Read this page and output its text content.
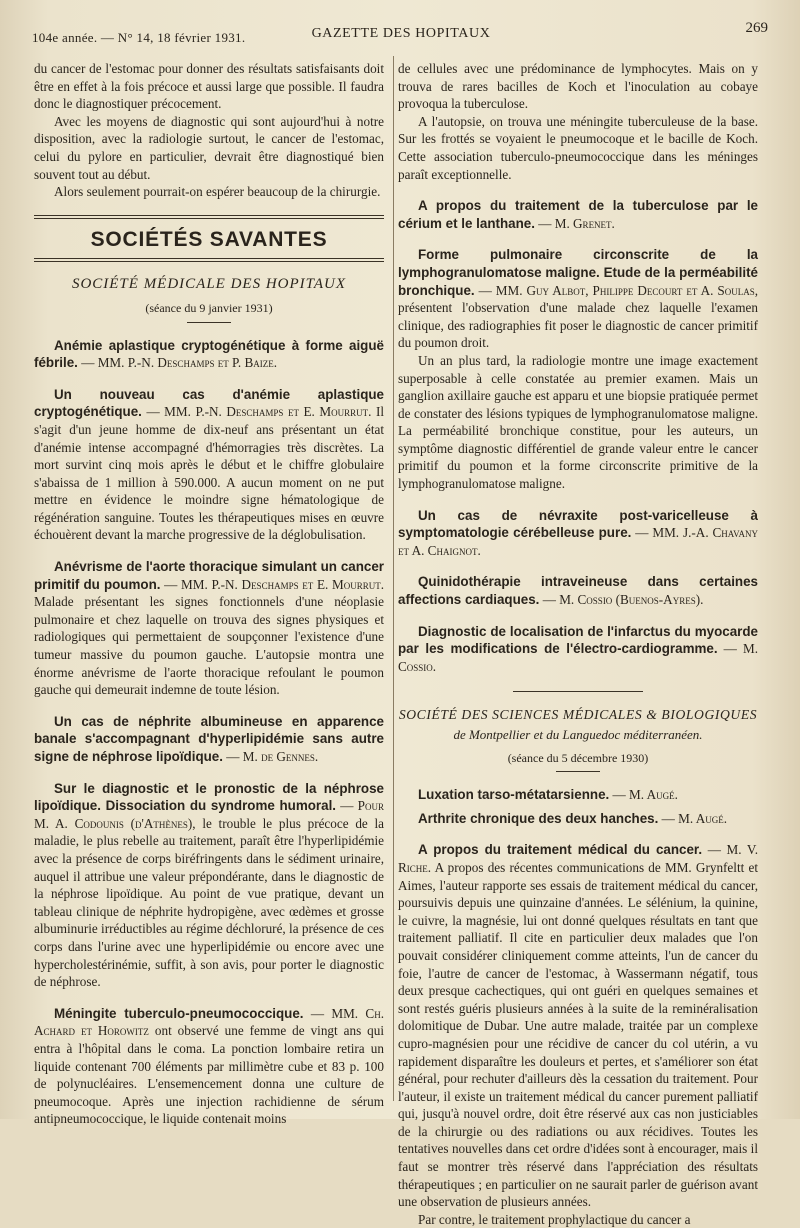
104e année. — N° 14, 18 février 1931.	GAZETTE DES HOPITAUX	269

du cancer de l'estomac pour donner des résultats satisfaisants doit être en effet à la fois précoce et aussi large que possible. Il faudra donc le diagnostiquer précocement.

Avec les moyens de diagnostic qui sont aujourd'hui à notre disposition, avec la radiologie surtout, le cancer de l'estomac, celui du pylore en particulier, devrait être diagnostiqué bien souvent tout au début.

Alors seulement pourrait-on espérer beaucoup de la chirurgie.

SOCIÉTÉS SAVANTES
SOCIÉTÉ MÉDICALE DES HOPITAUX
(séance du 9 janvier 1931)

Anémie aplastique cryptogénétique à forme aiguë fébrile. — MM. P.-N. Deschamps et P. Baize.

Un nouveau cas d'anémie aplastique cryptogénétique. — MM. P.-N. Deschamps et E. Mourrut. Il s'agit d'un jeune homme de dix-neuf ans présentant un état d'anémie intense accompagné d'hémorragies très discrètes. La mort survint cinq mois après le début et le chiffre globulaire s'abaissa de 1 million à 590.000. A aucun moment on ne put mettre en évidence le moindre signe hématologique de régénération sanguine. Toutes les thérapeutiques mises en œuvre échouèrent devant la marche progressive de la déglobulisation.

Anévrisme de l'aorte thoracique simulant un cancer primitif du poumon. — MM. P.-N. Deschamps et E. Mourrut. Malade présentant les signes fonctionnels d'une néoplasie pulmonaire et chez laquelle on trouva des signes physiques et radiologiques qui permettaient de soupçonner l'existence d'une tumeur massive du poumon gauche. L'autopsie montra une énorme anévrisme de l'aorte thoracique refoulant le poumon gauche qui demeurait indemne de toute lésion.

Un cas de néphrite albumineuse en apparence banale s'accompagnant d'hyperlipidémie sans autre signe de néphrose lipoïdique. — M. de Gennes.

Sur le diagnostic et le pronostic de la néphrose lipoïdique. Dissociation du syndrome humoral. — Pour M. A. Codounis (d'Athènes), le trouble le plus précoce de la maladie, le plus rebelle au traitement, paraît être l'hyperlipidémie avec la présence de corps biréfringents dans le sédiment urinaire, auquel il attribue une valeur prépondérante, dans le diagnostic de la néphrose lipoïdique. Au point de vue pratique, devant un tableau clinique de néphrite hydropigène, avec œdèmes et grosse albuminurie irréductibles au régime déchloruré, la présence de ces corps dans l'urine avec une hyperlipidémie ou encore avec une hypercholestérinémie, suffit, à son avis, pour porter le diagnostic de néphrose.

Méningite tuberculo-pneumococcique. — MM. Ch. Achard et Horowitz ont observé une femme de vingt ans qui entra à l'hôpital dans le coma. La ponction lombaire retira un liquide contenant 700 éléments par millimètre cube et 83 p. 100 de polynucléaires. L'ensemencement donna une culture de pneumocoque. Après une injection rachidienne de sérum antipneumococcique, le liquide contenait moins

de cellules avec une prédominance de lymphocytes. Mais on y trouva de rares bacilles de Koch et l'inoculation au cobaye provoqua la tuberculose.

A l'autopsie, on trouva une méningite tuberculeuse de la base. Sur les frottés se voyaient le pneumocoque et le bacille de Koch. Cette association tuberculo-pneumococcique dans les méninges paraît exceptionnelle.

A propos du traitement de la tuberculose par le cérium et le lanthane. — M. Grenet.

Forme pulmonaire circonscrite de la lymphogranulomatose maligne. Etude de la perméabilité bronchique. — MM. Guy Albot, Philippe Decourt et A. Soulas, présentent l'observation d'une malade chez laquelle l'examen clinique, des radiographies fit poser le diagnostic de cancer primitif du poumon droit.

Un an plus tard, la radiologie montre une image exactement superposable à celle constatée au premier examen. Mais un ganglion axillaire gauche est apparu et une biopsie pratiquée permet de constater des lésions typiques de lymphogranulomatose maligne. La perméabilité bronchique constitue, pour les auteurs, un symptôme diagnostic différentiel de grande valeur entre le cancer primitif du poumon et la forme circonscrite primitive de la lymphogranulomatose maligne.

Un cas de névraxite post-varicelleuse à symptomatologie cérébelleuse pure. — MM. J.-A. Chavany et A. Chaignot.

Quinidothérapie intraveineuse dans certaines affections cardiaques. — M. Cossio (Buenos-Ayres).

Diagnostic de localisation de l'infarctus du myocarde par les modifications de l'électro-cardiogramme. — M. Cossio.

SOCIÉTÉ DES SCIENCES MÉDICALES & BIOLOGIQUES
de Montpellier et du Languedoc méditerranéen.
(séance du 5 décembre 1930)

Luxation tarso-métatarsienne. — M. Augé.

Arthrite chronique des deux hanches. — M. Augé.

A propos du traitement médical du cancer. — M. V. Riche. A propos des récentes communications de MM. Grynfeltt et Aimes, l'auteur rapporte ses essais de traitement médical du cancer, poursuivis depuis une quinzaine d'années. Le sélénium, la quinine, le cuivre, la magnésie, lui ont donné quelques résultats en tant que traitement palliatif. Il cite en particulier deux malades que l'on pouvait considérer cliniquement comme atteints, l'un de cancer du foie, l'autre de cancer de l'estomac, à Wassermann négatif, tous deux presque cachectiques, qui ont guéri en quelques semaines et sont restés guéris plusieurs années à la suite de la reminéralisation dolomitique de Dubar. Une autre malade, traitée par un complexe cupro-magnésien pour une récidive de cancer du col utérin, a vu rapidement disparaître les douleurs et pertes, et s'améliorer son état général, pour rechuter d'ailleurs dès la cessation du traitement. Pour l'auteur, il existe un traitement médical du cancer purement palliatif qui, jusqu'à nouvel ordre, doit être réservé aux cas non justiciables de la chirurgie ou des radiations ou aux récidives. Toutes les tentatives nouvelles dans cet ordre d'idées sont à encourager, mais il faut se montrer très réservé dans l'appréciation des résultats thérapeutiques ; en particulier on ne saurait parler de guérison avant une observation de plusieurs années.

Par contre, le traitement prophylactique du cancer a
